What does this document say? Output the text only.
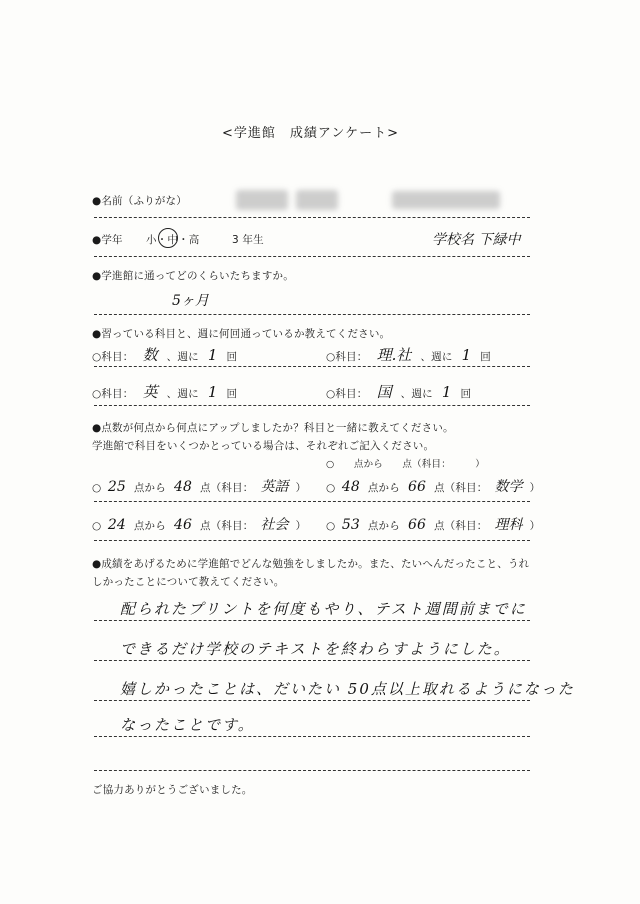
<学進館　成績アンケート>
●名前（ふりがな）
●学年 小・中・高	3 年生	学校名 下緑中
●学進館に通ってどのくらいたちますか。
5ヶ月
●習っている科目と、週に何回通っているか教えてください。
○科目： 数 、週に 1 回	○科目： 理.社 、週に 1 回
○科目： 英 、週に 1 回	○科目： 国 、週に 1 回
●点数が何点から何点にアップしましたか？科目と一緒に教えてください。
学進館で科目をいくつかとっている場合は、それぞれご記入ください。
○　　点から　　点（科目：　　　）
○ 25 点から 48 点（科目： 英語 ） ○ 48 点から 66 点（科目： 数学 ）
○ 24 点から 46 点（科目： 社会 ） ○ 53 点から 66 点（科目： 理科 ）
●成績をあげるために学進館でどんな勉強をしましたか。また、たいへんだったこと、うれ
しかったことについて教えてください。
配られたプリントを何度もやり、テスト週間前までに
できるだけ学校のテキストを終わらすようにした。
嬉しかったことは、だいたい 50点以上取れるようになった
なったことです。
ご協力ありがとうございました。
